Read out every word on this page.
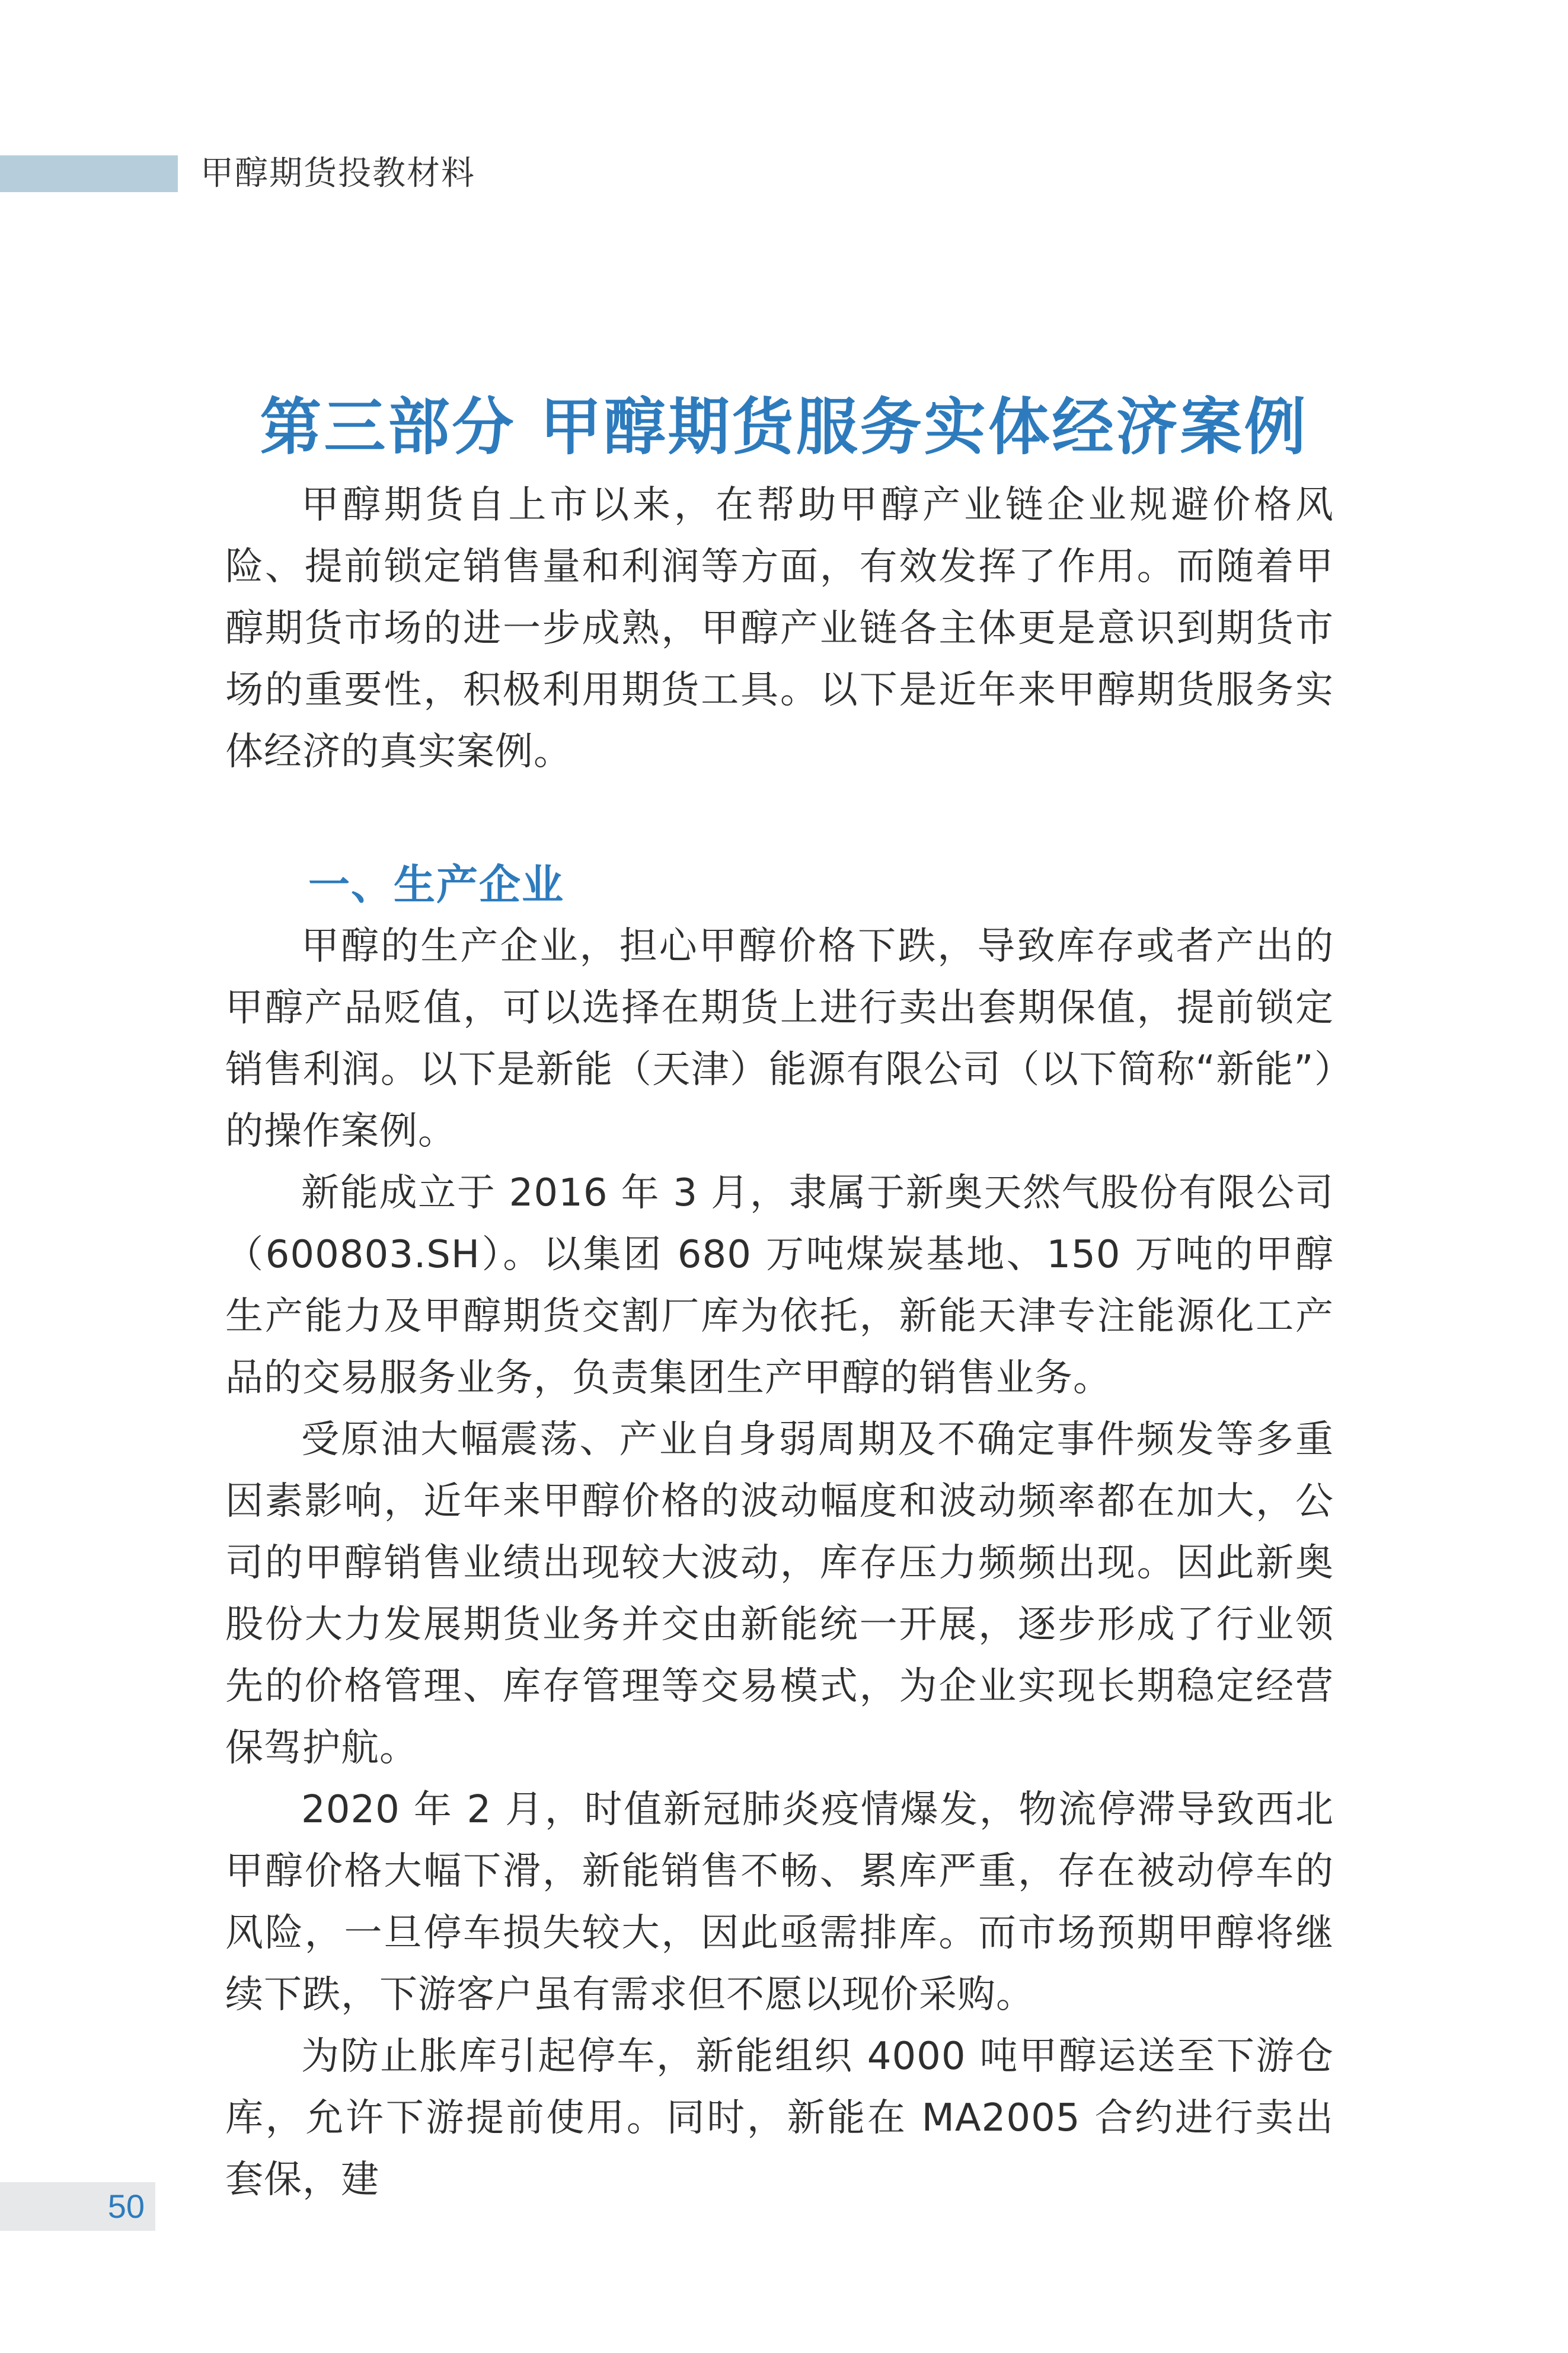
甲醇期货投教材料
第三部分 甲醇期货服务实体经济案例

甲醇期货自上市以来，在帮助甲醇产业链企业规避价格风险、提前锁定销售量和利润等方面，有效发挥了作用。而随着甲醇期货市场的进一步成熟，甲醇产业链各主体更是意识到期货市场的重要性，积极利用期货工具。以下是近年来甲醇期货服务实体经济的真实案例。

一、生产企业

甲醇的生产企业，担心甲醇价格下跌，导致库存或者产出的甲醇产品贬值，可以选择在期货上进行卖出套期保值，提前锁定销售利润。以下是新能（天津）能源有限公司（以下简称“新能”）的操作案例。

新能成立于 2016 年 3 月，隶属于新奥天然气股份有限公司（600803.SH）。以集团 680 万吨煤炭基地、150 万吨的甲醇生产能力及甲醇期货交割厂库为依托，新能天津专注能源化工产品的交易服务业务，负责集团生产甲醇的销售业务。

受原油大幅震荡、产业自身弱周期及不确定事件频发等多重因素影响，近年来甲醇价格的波动幅度和波动频率都在加大，公司的甲醇销售业绩出现较大波动，库存压力频频出现。因此新奥股份大力发展期货业务并交由新能统一开展，逐步形成了行业领先的价格管理、库存管理等交易模式，为企业实现长期稳定经营保驾护航。

2020 年 2 月，时值新冠肺炎疫情爆发，物流停滞导致西北甲醇价格大幅下滑，新能销售不畅、累库严重，存在被动停车的风险，一旦停车损失较大，因此亟需排库。而市场预期甲醇将继续下跌，下游客户虽有需求但不愿以现价采购。

为防止胀库引起停车，新能组织 4000 吨甲醇运送至下游仓库，允许下游提前使用。同时，新能在 MA2005 合约进行卖出套保，建

50
